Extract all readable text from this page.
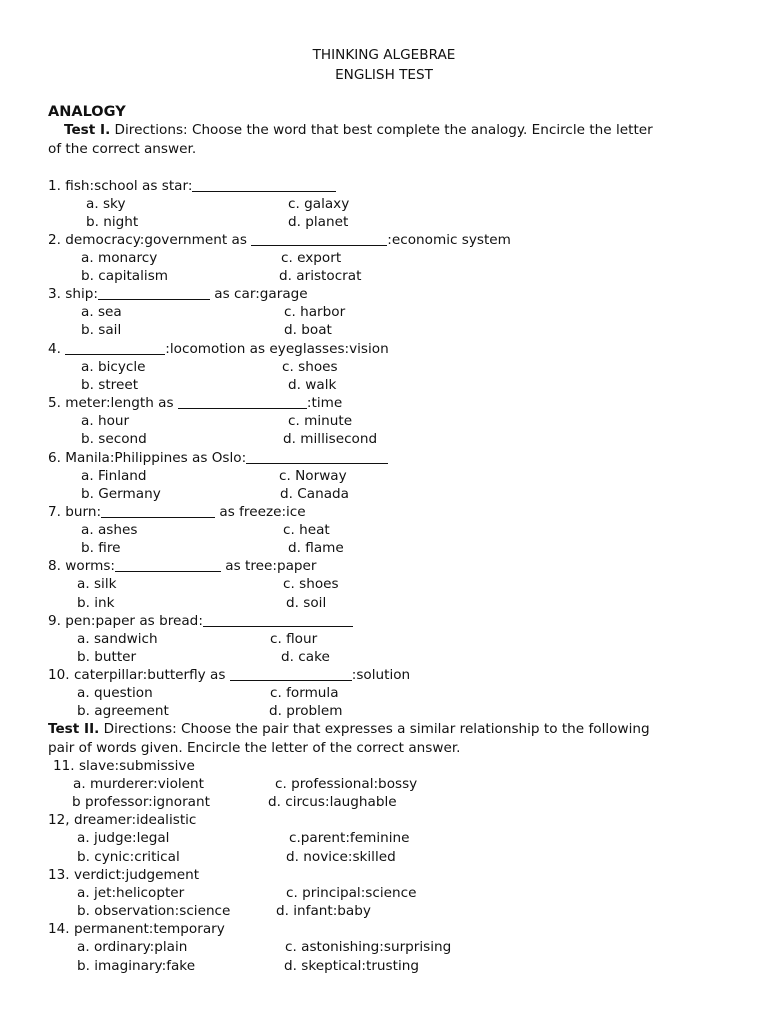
THINKING ALGEBRAE
ENGLISH TEST
ANALOGY
Test I. Directions: Choose the word that best complete the analogy. Encircle the letter
of the correct answer.
1. fish:school as star:
a. sky	c. galaxy
b. night	d. planet
2. democracy:government as	:economic system
a. monarcy	c. export
b. capitalism	d. aristocrat
3. ship:	as car:garage
a. sea	c. harbor
b. sail	d. boat
4.	:locomotion as eyeglasses:vision
a. bicycle	c. shoes
b. street	d. walk
5. meter:length as	:time
a. hour	c. minute
b. second	d. millisecond
6. Manila:Philippines as Oslo:
a. Finland	c. Norway
b. Germany	d. Canada
7. burn:	as freeze:ice
a. ashes	c. heat
b. fire	d. flame
8. worms:	as tree:paper
a. silk	c. shoes
b. ink	d. soil
9. pen:paper as bread:
a. sandwich	c. flour
b. butter	d. cake
10. caterpillar:butterfly as	:solution
a. question	c. formula
b. agreement	d. problem
Test II. Directions: Choose the pair that expresses a similar relationship to the following
pair of words given. Encircle the letter of the correct answer.
11. slave:submissive
a. murderer:violent	c. professional:bossy
b professor:ignorant	d. circus:laughable
12, dreamer:idealistic
a. judge:legal	c.parent:feminine
b. cynic:critical	d. novice:skilled
13. verdict:judgement
a. jet:helicopter	c. principal:science
b. observation:science	d. infant:baby
14. permanent:temporary
a. ordinary:plain	c. astonishing:surprising
b. imaginary:fake	d. skeptical:trusting
